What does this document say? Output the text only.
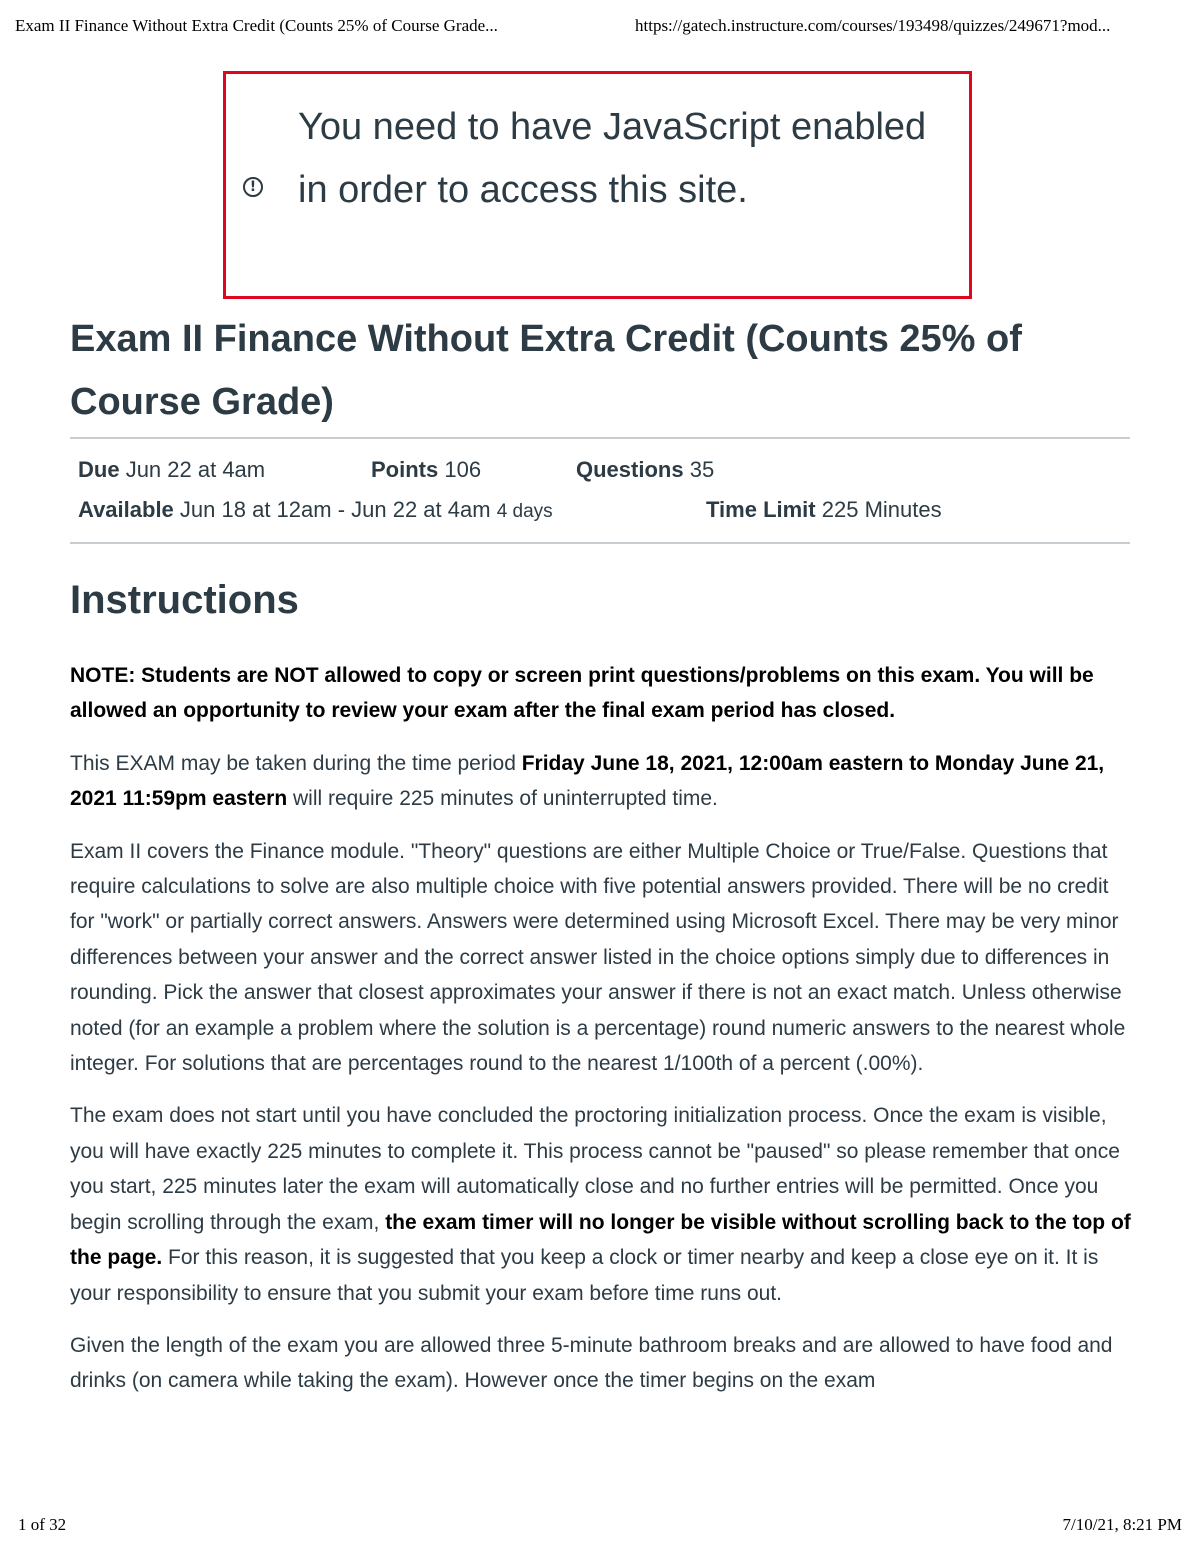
Exam II Finance Without Extra Credit (Counts 25% of Course Grade...	https://gatech.instructure.com/courses/193498/quizzes/249671?mod...
!
You need to have JavaScript enabled in order to access this site.
Exam II Finance Without Extra Credit (Counts 25% of Course Grade)
Due Jun 22 at 4am	Points 106	Questions 35
Available Jun 18 at 12am - Jun 22 at 4am 4 days	Time Limit 225 Minutes
Instructions

NOTE: Students are NOT allowed to copy or screen print questions/problems on this exam. You will be allowed an opportunity to review your exam after the final exam period has closed.

This EXAM may be taken during the time period Friday June 18, 2021, 12:00am eastern to Monday June 21, 2021 11:59pm eastern will require 225 minutes of uninterrupted time.

Exam II covers the Finance module. "Theory" questions are either Multiple Choice or True/False. Questions that require calculations to solve are also multiple choice with five potential answers provided. There will be no credit for "work" or partially correct answers. Answers were determined using Microsoft Excel. There may be very minor differences between your answer and the correct answer listed in the choice options simply due to differences in rounding. Pick the answer that closest approximates your answer if there is not an exact match. Unless otherwise noted (for an example a problem where the solution is a percentage) round numeric answers to the nearest whole integer. For solutions that are percentages round to the nearest 1/100th of a percent (.00%).

The exam does not start until you have concluded the proctoring initialization process. Once the exam is visible, you will have exactly 225 minutes to complete it. This process cannot be "paused" so please remember that once you start, 225 minutes later the exam will automatically close and no further entries will be permitted. Once you begin scrolling through the exam, the exam timer will no longer be visible without scrolling back to the top of the page. For this reason, it is suggested that you keep a clock or timer nearby and keep a close eye on it. It is your responsibility to ensure that you submit your exam before time runs out.

Given the length of the exam you are allowed three 5-minute bathroom breaks and are allowed to have food and drinks (on camera while taking the exam). However once the timer begins on the exam

1 of 32	7/10/21, 8:21 PM
